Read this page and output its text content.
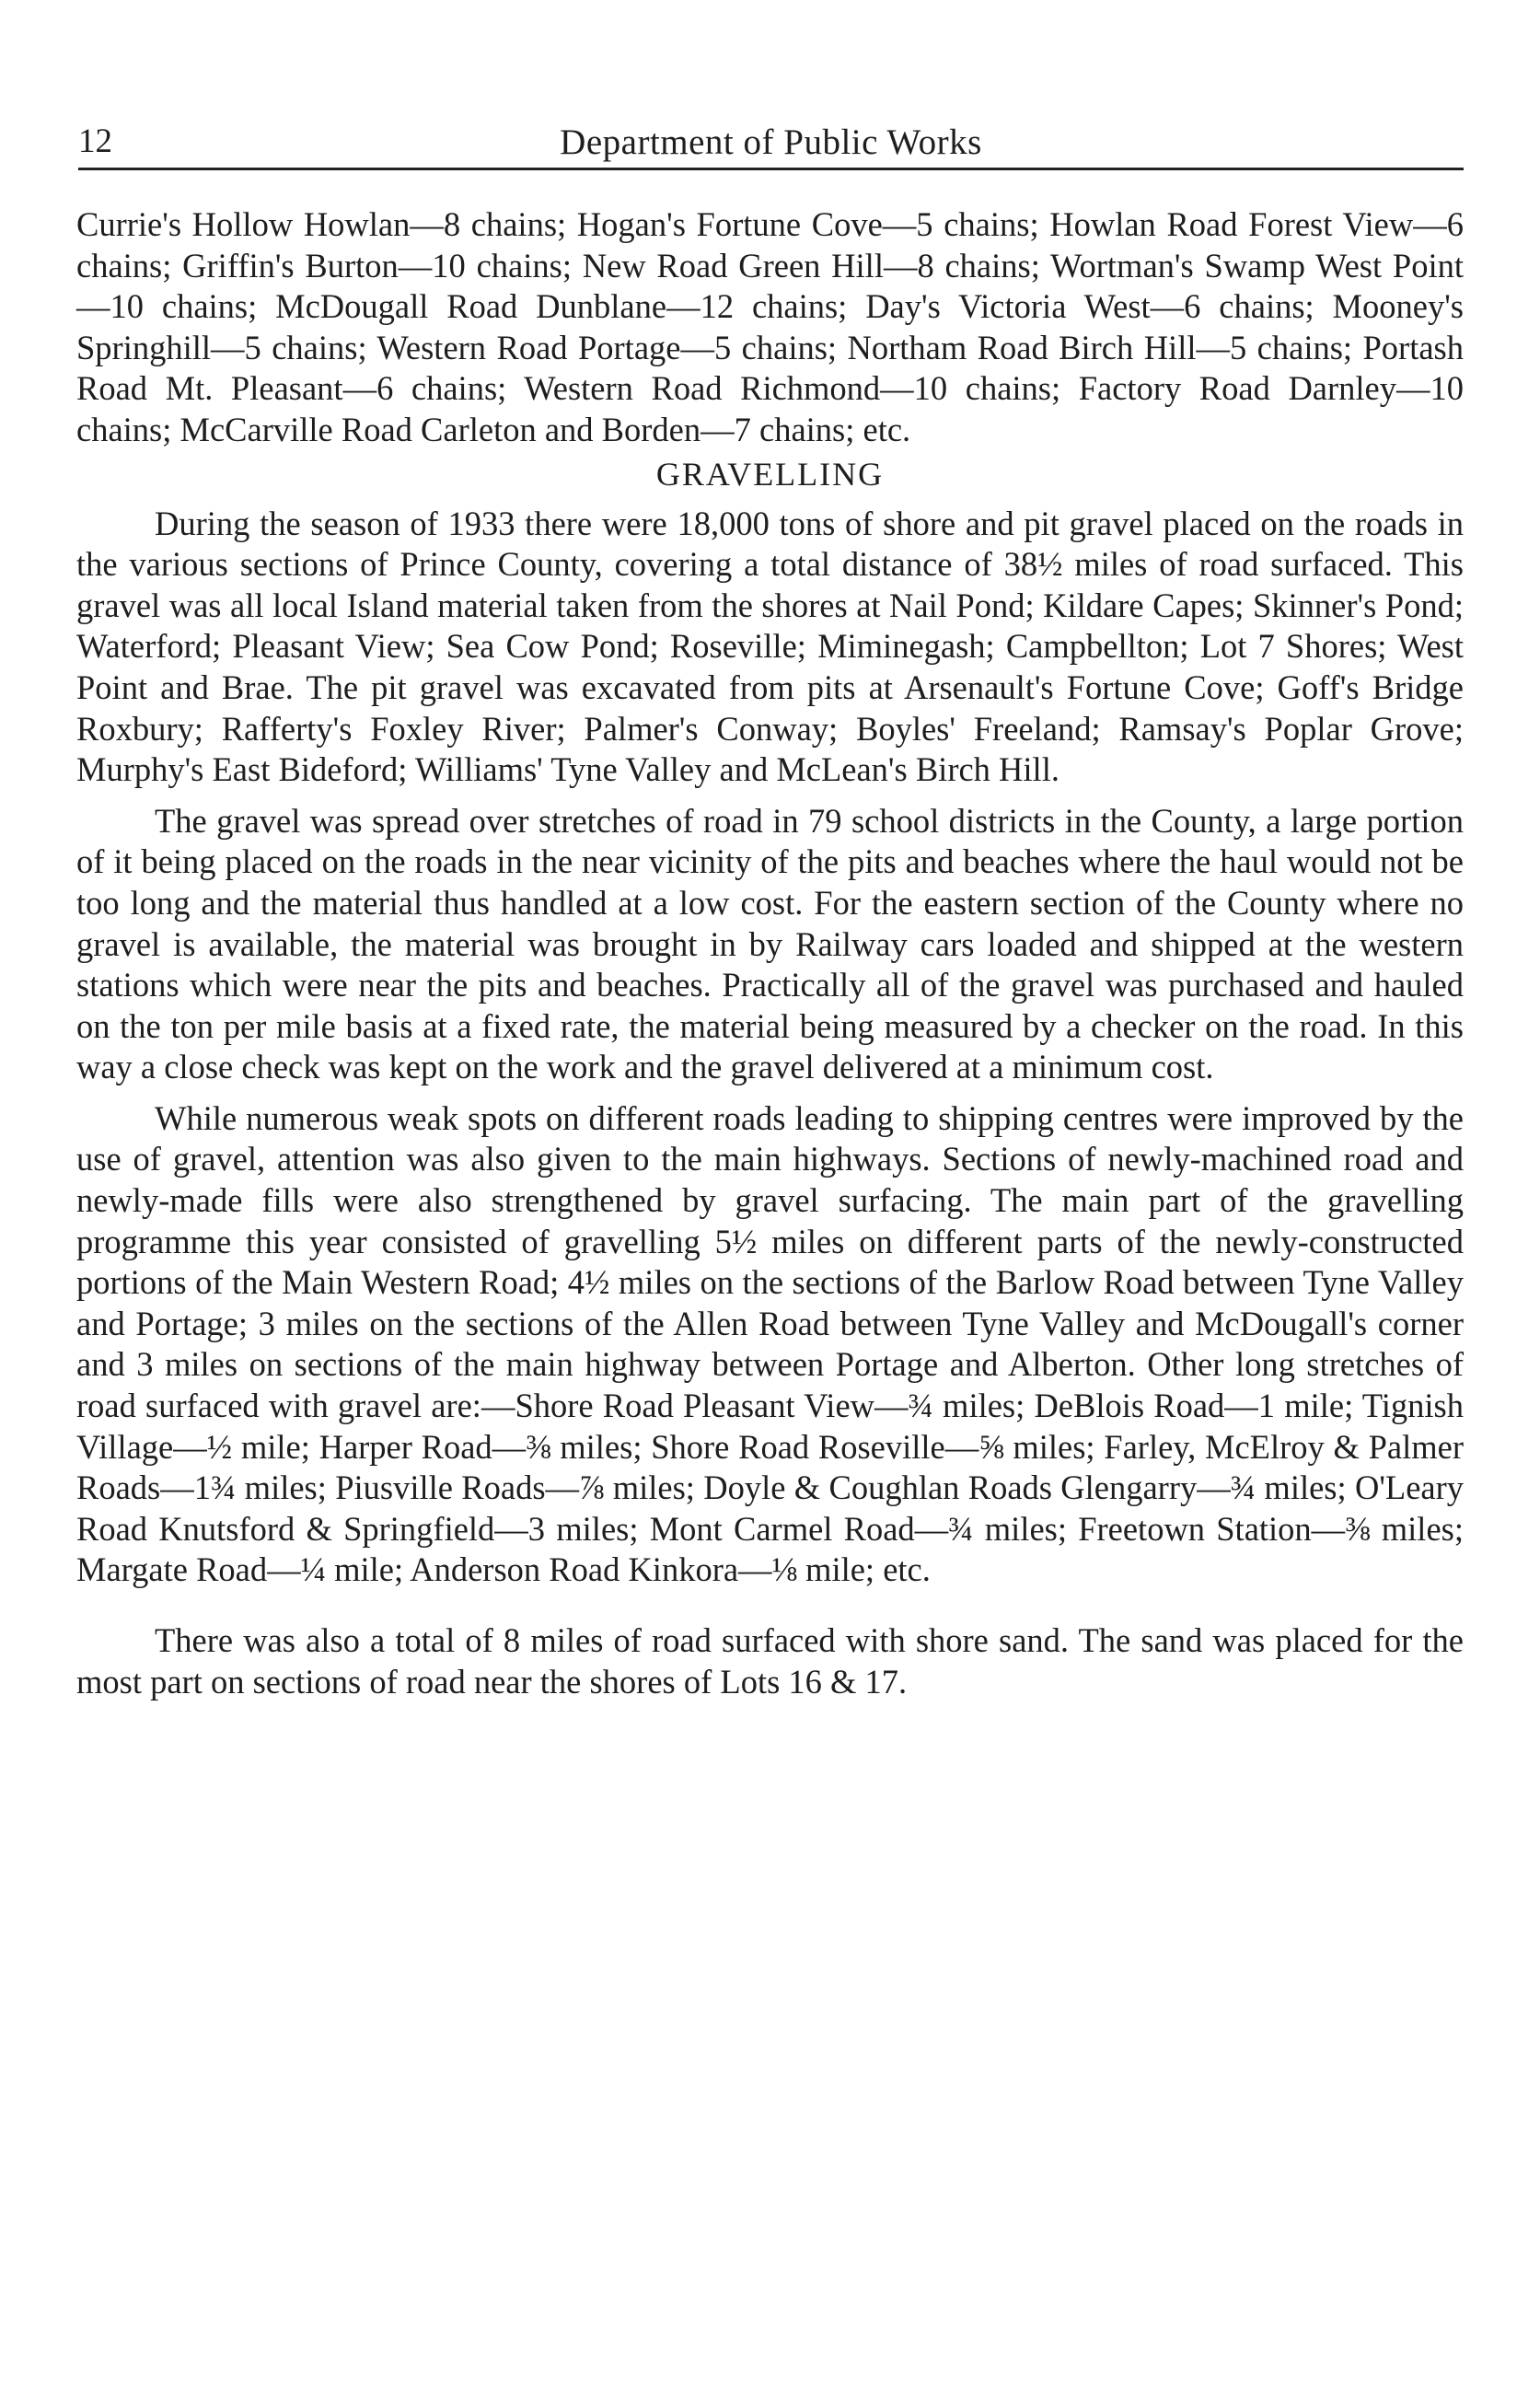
12	Department of Public Works

Currie's Hollow Howlan—8 chains; Hogan's Fortune Cove—5 chains; Howlan Road Forest View—6 chains; Griffin's Burton—10 chains; New Road Green Hill—8 chains; Wortman's Swamp West Point—10 chains; McDougall Road Dunblane—12 chains; Day's Victoria West—6 chains; Mooney's Springhill—5 chains; Western Road Portage—5 chains; Northam Road Birch Hill—5 chains; Portash Road Mt. Pleasant—6 chains; Western Road Richmond—10 chains; Factory Road Darnley—10 chains; McCarville Road Carleton and Borden—7 chains; etc.

GRAVELLING

During the season of 1933 there were 18,000 tons of shore and pit gravel placed on the roads in the various sections of Prince County, covering a total distance of 38½ miles of road surfaced. This gravel was all local Island material taken from the shores at Nail Pond; Kildare Capes; Skinner's Pond; Waterford; Pleasant View; Sea Cow Pond; Roseville; Miminegash; Campbellton; Lot 7 Shores; West Point and Brae. The pit gravel was excavated from pits at Arsenault's Fortune Cove; Goff's Bridge Roxbury; Rafferty's Foxley River; Palmer's Conway; Boyles' Freeland; Ramsay's Poplar Grove; Murphy's East Bideford; Williams' Tyne Valley and McLean's Birch Hill.

The gravel was spread over stretches of road in 79 school districts in the County, a large portion of it being placed on the roads in the near vicinity of the pits and beaches where the haul would not be too long and the material thus handled at a low cost. For the eastern section of the County where no gravel is available, the material was brought in by Railway cars loaded and shipped at the western stations which were near the pits and beaches. Practically all of the gravel was purchased and hauled on the ton per mile basis at a fixed rate, the material being measured by a checker on the road. In this way a close check was kept on the work and the gravel delivered at a minimum cost.

While numerous weak spots on different roads leading to shipping centres were improved by the use of gravel, attention was also given to the main highways. Sections of newly-machined road and newly-made fills were also strengthened by gravel surfacing. The main part of the gravelling programme this year consisted of gravelling 5½ miles on different parts of the newly-constructed portions of the Main Western Road; 4½ miles on the sections of the Barlow Road between Tyne Valley and Portage; 3 miles on the sections of the Allen Road between Tyne Valley and McDougall's corner and 3 miles on sections of the main highway between Portage and Alberton. Other long stretches of road surfaced with gravel are:—Shore Road Pleasant View—¾ miles; DeBlois Road—1 mile; Tignish Village—½ mile; Harper Road—⅜ miles; Shore Road Roseville—⅝ miles; Farley, McElroy & Palmer Roads—1¾ miles; Piusville Roads—⅞ miles; Doyle & Coughlan Roads Glengarry—¾ miles; O'Leary Road Knutsford & Springfield—3 miles; Mont Carmel Road—¾ miles; Freetown Station—⅜ miles; Margate Road—¼ mile; Anderson Road Kinkora—⅛ mile; etc.

There was also a total of 8 miles of road surfaced with shore sand. The sand was placed for the most part on sections of road near the shores of Lots 16 & 17.
